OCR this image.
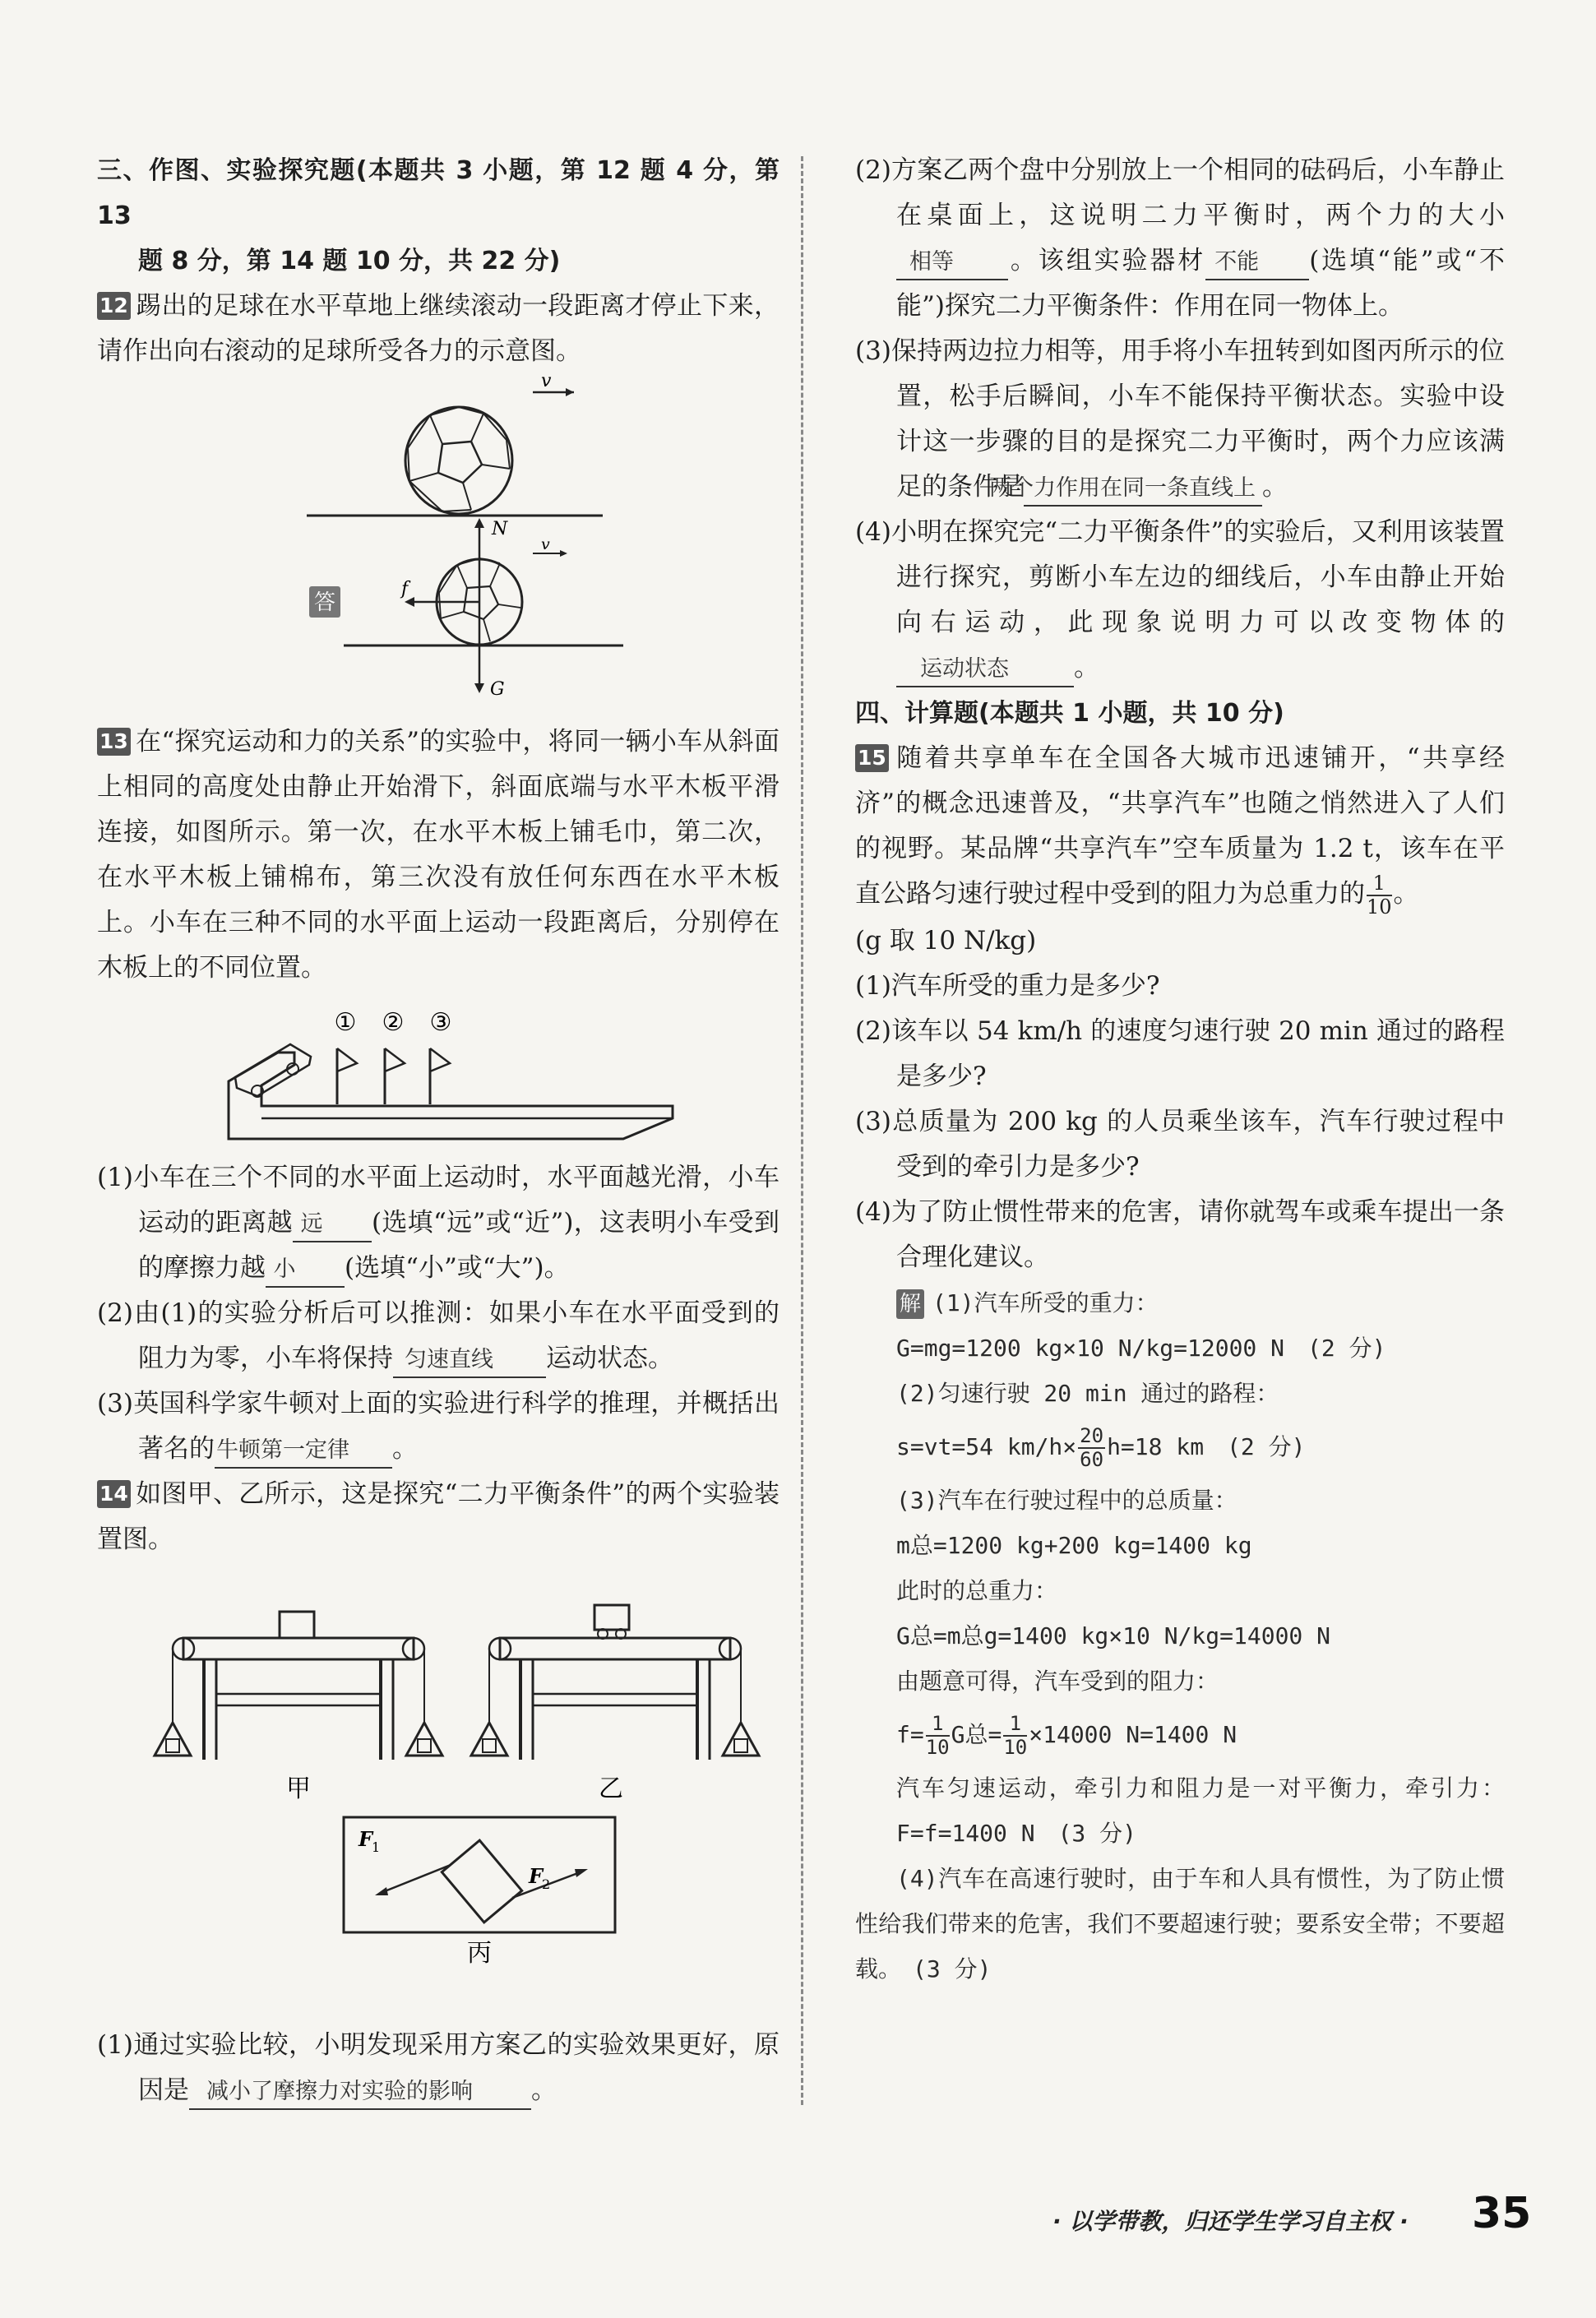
三、作图、实验探究题(本题共 3 小题，第 12 题 4 分，第 13

题 8 分，第 14 题 10 分，共 22 分)

12 踢出的足球在水平草地上继续滚动一段距离才停止下来，请作出向右滚动的足球所受各力的示意图。

v
答
N
G
f
v

13 在“探究运动和力的关系”的实验中，将同一辆小车从斜面上相同的高度处由静止开始滑下，斜面底端与水平木板平滑连接，如图所示。第一次，在水平木板上铺毛巾，第二次，在水平木板上铺棉布，第三次没有放任何东西在水平木板上。小车在三种不同的水平面上运动一段距离后，分别停在木板上的不同位置。

① ② ③

(1)小车在三个不同的水平面上运动时，水平面越光滑，小车运动的距离越 远 (选填“远”或“近”)，这表明小车受到的摩擦力越 小 (选填“小”或“大”)。

(2)由(1)的实验分析后可以推测：如果小车在水平面受到的阻力为零，小车将保持 匀速直线 运动状态。

(3)英国科学家牛顿对上面的实验进行科学的推理，并概括出著名的牛顿第一定律 。

14 如图甲、乙所示，这是探究“二力平衡条件”的两个实验装置图。

甲	乙
F
1
F
2
丙

(1)通过实验比较，小明发现采用方案乙的实验效果更好，原因是 减小了摩擦力对实验的影响 。

(2)方案乙两个盘中分别放上一个相同的砝码后，小车静止在桌面上，这说明二力平衡时，两个力的大小相等 。该组实验器材 不能 (选填“能”或“不能”)探究二力平衡条件：作用在同一物体上。

(3)保持两边拉力相等，用手将小车扭转到如图丙所示的位置，松手后瞬间，小车不能保持平衡状态。实验中设计这一步骤的目的是探究二力平衡时，两个力应该满足的条件是两个力作用在同一条直线上 。

(4)小明在探究完“二力平衡条件”的实验后，又利用该装置进行探究，剪断小车左边的细线后，小车由静止开始向右运动，此现象说明力可以改变物体的运动状态	。

四、计算题(本题共 1 小题，共 10 分)

15 随着共享单车在全国各大城市迅速铺开，“共享经济”的概念迅速普及，“共享汽车”也随之悄然进入了人们的视野。某品牌“共享汽车”空车质量为 1.2 t，该车在平直公路匀速行驶过程中受到的阻力为总重力的 $\frac{1}{10}$ 。

(g 取 10 N/kg)

(1)汽车所受的重力是多少?

(2)该车以 54 km/h 的速度匀速行驶 20 min 通过的路程是多少?

(3)总质量为 200 kg 的人员乘坐该车，汽车行驶过程中受到的牵引力是多少?

(4)为了防止惯性带来的危害，请你就驾车或乘车提出一条合理化建议。

解 (1)汽车所受的重力：

G=mg=1200 kg×10 N/kg=12000 N　(2 分)

(2)匀速行驶 20 min 通过的路程：

s=vt=54 $km/h\times \frac{20}{60} h=18$ km　(2 分)

(3)汽车在行驶过程中的总质量：

m总=1200 kg+200 kg=1400 kg

此时的总重力：

G总=m总g=1400 kg×10 N/kg=14000 N

由题意可得，汽车受到的阻力：

$f= \frac{1}{10}$ G总= $\frac{1}{10} \times 14000$ N=1400 N

汽车匀速运动，牵引力和阻力是一对平衡力，牵引力：F=f=1400 N　(3 分)

(4)汽车在高速行驶时，由于车和人具有惯性，为了防止惯性给我们带来的危害，我们不要超速行驶；要系安全带；不要超载。　(3 分)

· 以学带教，归还学生学习自主权 · 35
